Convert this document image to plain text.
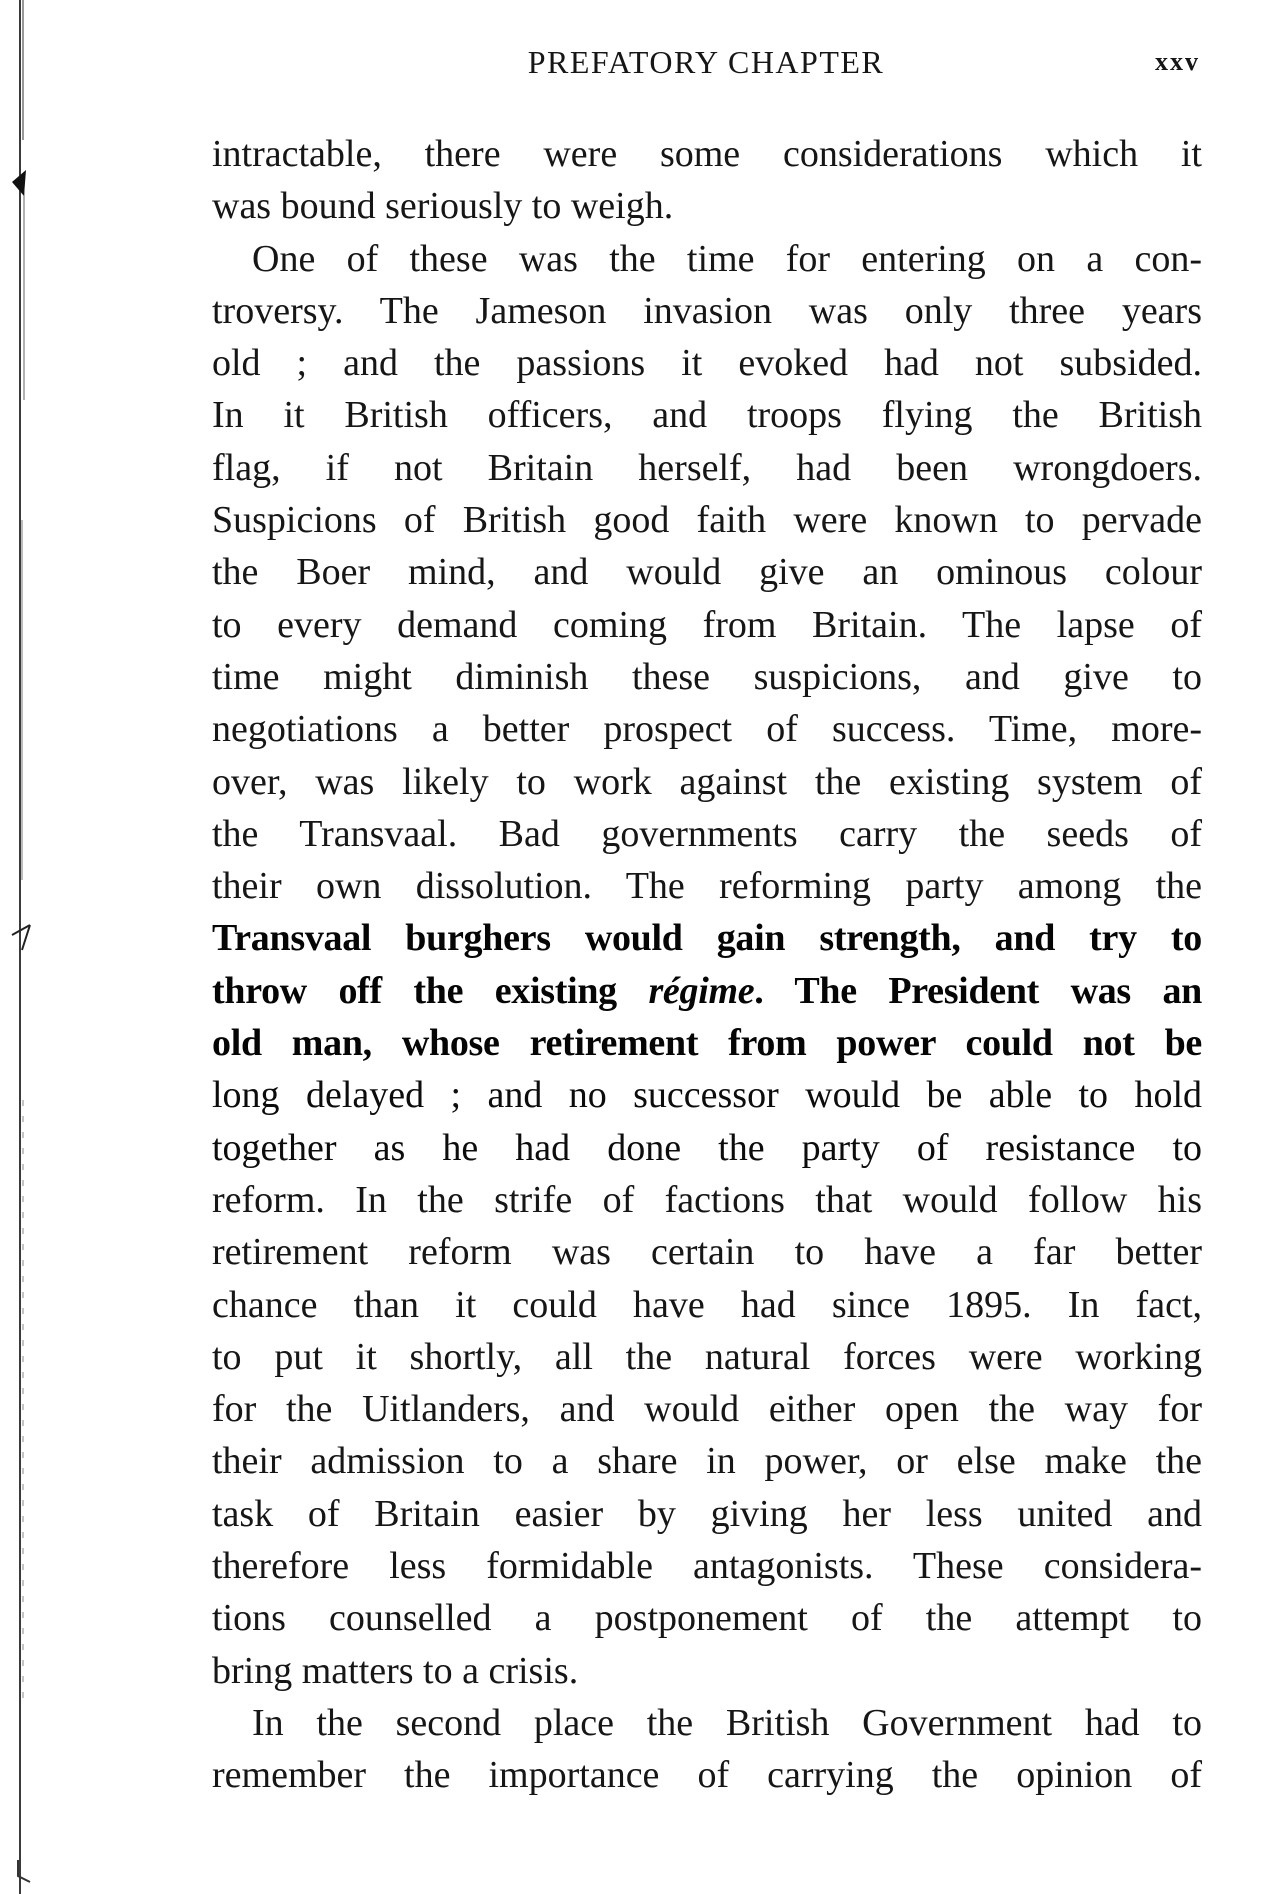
PREFATORY CHAPTER	xxv

intractable, there were some considerations which it
was bound seriously to weigh.

One of these was the time for entering on a con-
troversy. The Jameson invasion was only three years
old ; and the passions it evoked had not subsided.
In it British officers, and troops flying the British
flag, if not Britain herself, had been wrongdoers.
Suspicions of British good faith were known to pervade
the Boer mind, and would give an ominous colour
to every demand coming from Britain. The lapse of
time might diminish these suspicions, and give to
negotiations a better prospect of success. Time, more-
over, was likely to work against the existing system of
the Transvaal. Bad governments carry the seeds of
their own dissolution. The reforming party among the
Transvaal burghers would gain strength, and try to
throw off the existing régime. The President was an
old man, whose retirement from power could not be
long delayed ; and no successor would be able to hold
together as he had done the party of resistance to
reform. In the strife of factions that would follow his
retirement reform was certain to have a far better
chance than it could have had since 1895. In fact,
to put it shortly, all the natural forces were working
for the Uitlanders, and would either open the way for
their admission to a share in power, or else make the
task of Britain easier by giving her less united and
therefore less formidable antagonists. These considera-
tions counselled a postponement of the attempt to
bring matters to a crisis.

In the second place the British Government had to
remember the importance of carrying the opinion of
